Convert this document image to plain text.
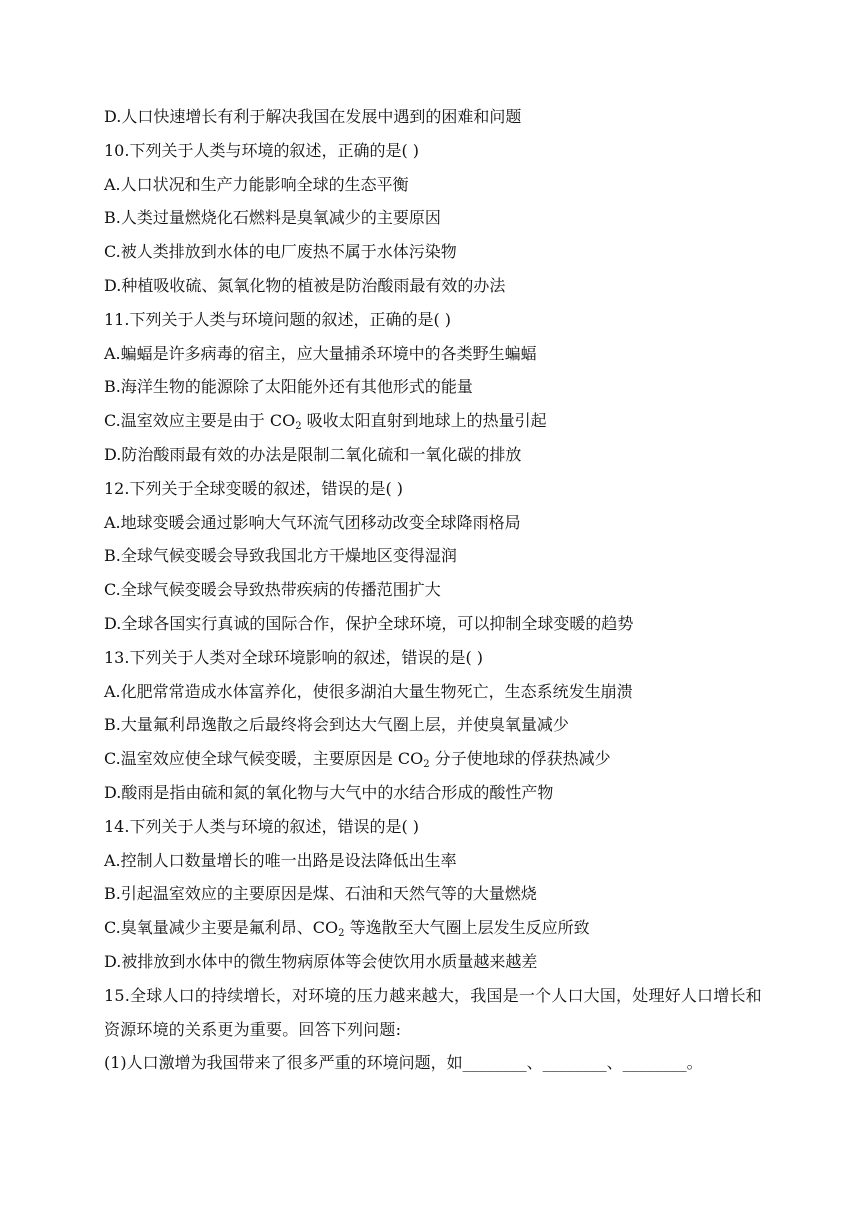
D.人口快速增长有利于解决我国在发展中遇到的困难和问题
10.下列关于人类与环境的叙述，正确的是( )
A.人口状况和生产力能影响全球的生态平衡
B.人类过量燃烧化石燃料是臭氧减少的主要原因
C.被人类排放到水体的电厂废热不属于水体污染物
D.种植吸收硫、氮氧化物的植被是防治酸雨最有效的办法
11.下列关于人类与环境问题的叙述，正确的是( )
A.蝙蝠是许多病毒的宿主，应大量捕杀环境中的各类野生蝙蝠
B.海洋生物的能源除了太阳能外还有其他形式的能量
C.温室效应主要是由于 $CO_2$ 吸收太阳直射到地球上的热量引起
D.防治酸雨最有效的办法是限制二氧化硫和一氧化碳的排放
12.下列关于全球变暖的叙述，错误的是( )
A.地球变暖会通过影响大气环流气团移动改变全球降雨格局
B.全球气候变暖会导致我国北方干燥地区变得湿润
C.全球气候变暖会导致热带疾病的传播范围扩大
D.全球各国实行真诚的国际合作，保护全球环境，可以抑制全球变暖的趋势
13.下列关于人类对全球环境影响的叙述，错误的是( )
A.化肥常常造成水体富养化，使很多湖泊大量生物死亡，生态系统发生崩溃
B.大量氟利昂逸散之后最终将会到达大气圈上层，并使臭氧量减少
C.温室效应使全球气候变暖，主要原因是 $CO_2$ 分子使地球的俘获热减少
D.酸雨是指由硫和氮的氧化物与大气中的水结合形成的酸性产物
14.下列关于人类与环境的叙述，错误的是( )
A.控制人口数量增长的唯一出路是设法降低出生率
B.引起温室效应的主要原因是煤、石油和天然气等的大量燃烧
C.臭氧量减少主要是氟利昂、$CO_2$ 等逸散至大气圈上层发生反应所致
D.被排放到水体中的微生物病原体等会使饮用水质量越来越差
15.全球人口的持续增长，对环境的压力越来越大，我国是一个人口大国，处理好人口增长和资源环境的关系更为重要。回答下列问题:
(1)人口激增为我国带来了很多严重的环境问题，如________、________、________。
